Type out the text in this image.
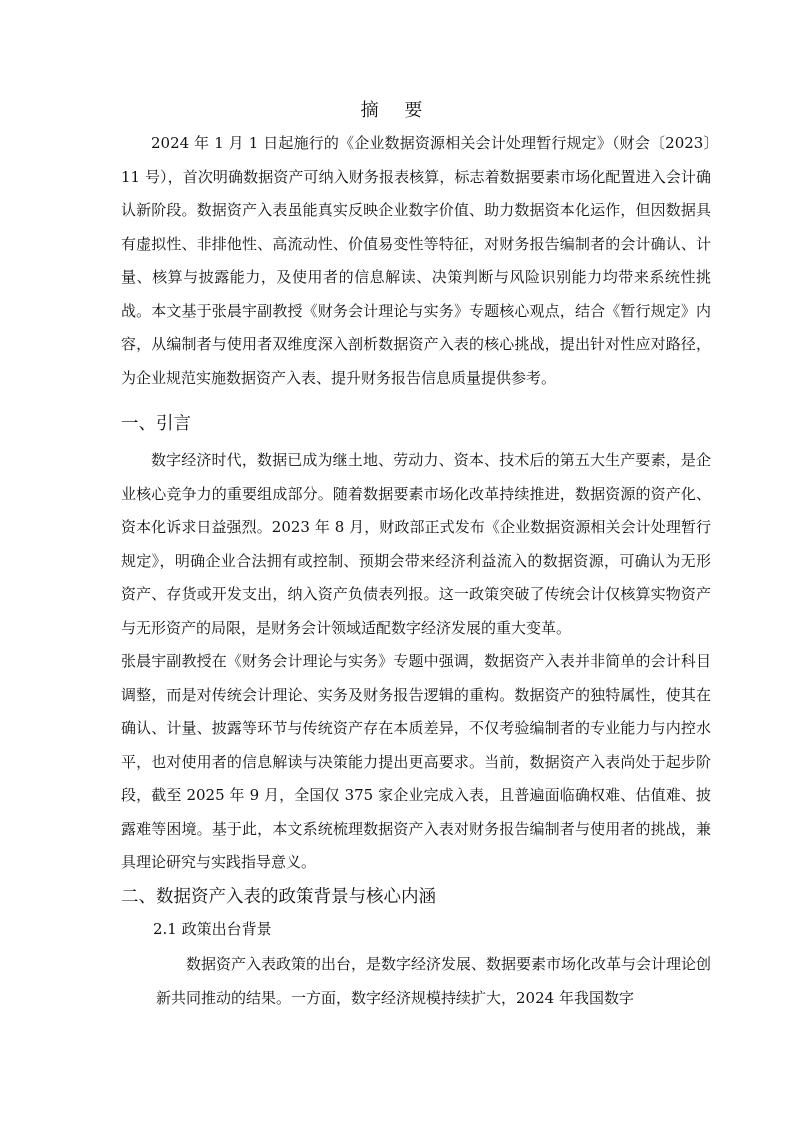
摘 要

2024 年 1 月 1 日起施行的《企业数据资源相关会计处理暂行规定》（财会〔2023〕11 号），首次明确数据资产可纳入财务报表核算，标志着数据要素市场化配置进入会计确认新阶段。数据资产入表虽能真实反映企业数字价值、助力数据资本化运作，但因数据具有虚拟性、非排他性、高流动性、价值易变性等特征，对财务报告编制者的会计确认、计量、核算与披露能力，及使用者的信息解读、决策判断与风险识别能力均带来系统性挑战。本文基于张晨宇副教授《财务会计理论与实务》专题核心观点，结合《暂行规定》内容，从编制者与使用者双维度深入剖析数据资产入表的核心挑战，提出针对性应对路径，为企业规范实施数据资产入表、提升财务报告信息质量提供参考。

一、引言

数字经济时代，数据已成为继土地、劳动力、资本、技术后的第五大生产要素，是企业核心竞争力的重要组成部分。随着数据要素市场化改革持续推进，数据资源的资产化、资本化诉求日益强烈。2023 年 8 月，财政部正式发布《企业数据资源相关会计处理暂行规定》，明确企业合法拥有或控制、预期会带来经济利益流入的数据资源，可确认为无形资产、存货或开发支出，纳入资产负债表列报。这一政策突破了传统会计仅核算实物资产与无形资产的局限，是财务会计领域适配数字经济发展的重大变革。

张晨宇副教授在《财务会计理论与实务》专题中强调，数据资产入表并非简单的会计科目调整，而是对传统会计理论、实务及财务报告逻辑的重构。数据资产的独特属性，使其在确认、计量、披露等环节与传统资产存在本质差异，不仅考验编制者的专业能力与内控水平，也对使用者的信息解读与决策能力提出更高要求。当前，数据资产入表尚处于起步阶段，截至 2025 年 9 月，全国仅 375 家企业完成入表，且普遍面临确权难、估值难、披露难等困境。基于此，本文系统梳理数据资产入表对财务报告编制者与使用者的挑战，兼具理论研究与实践指导意义。

二、数据资产入表的政策背景与核心内涵
2.1 政策出台背景

数据资产入表政策的出台，是数字经济发展、数据要素市场化改革与会计理论创新共同推动的结果。一方面，数字经济规模持续扩大，2024 年我国数字
